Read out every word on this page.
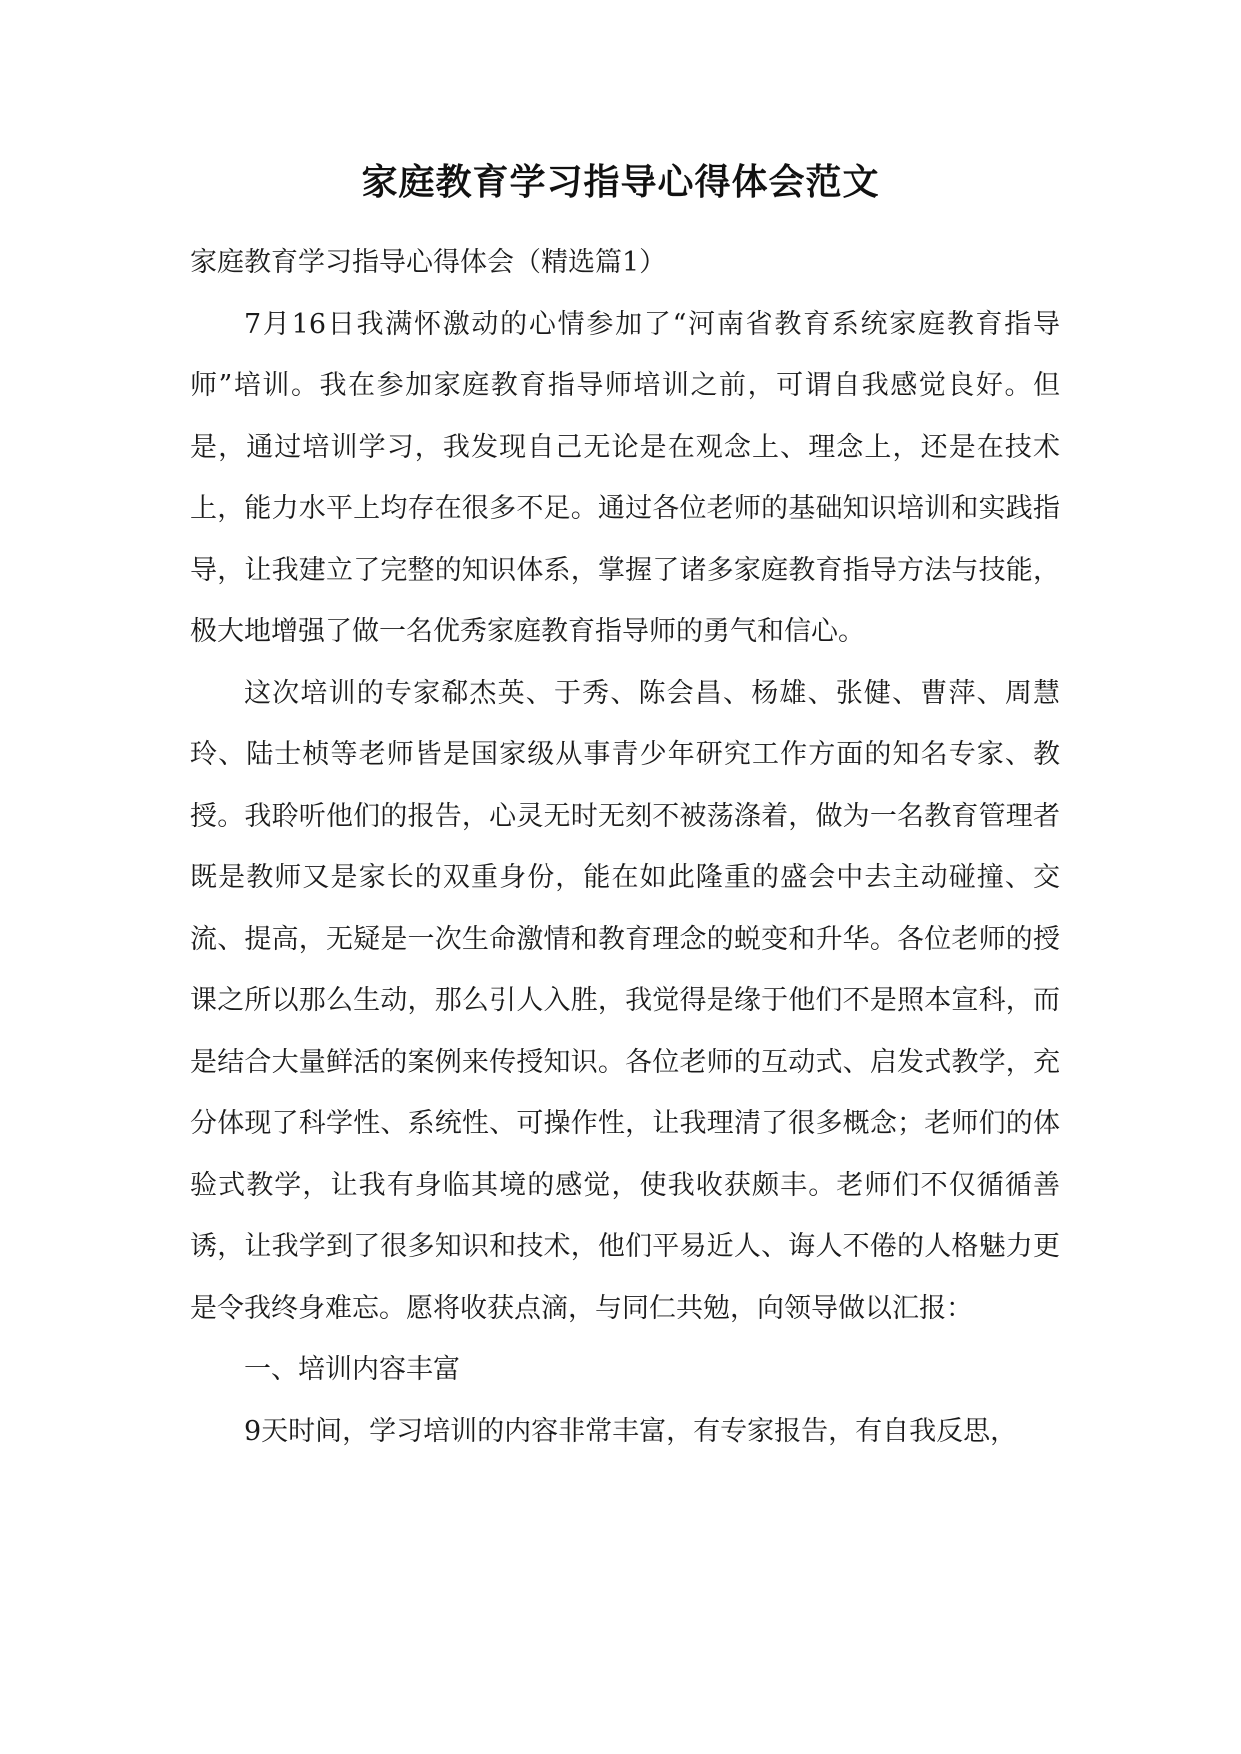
家庭教育学习指导心得体会范文

家庭教育学习指导心得体会（精选篇1）

7月16日我满怀激动的心情参加了“河南省教育系统家庭教育指导师”培训。我在参加家庭教育指导师培训之前，可谓自我感觉良好。但是，通过培训学习，我发现自己无论是在观念上、理念上，还是在技术上，能力水平上均存在很多不足。通过各位老师的基础知识培训和实践指导，让我建立了完整的知识体系，掌握了诸多家庭教育指导方法与技能，极大地增强了做一名优秀家庭教育指导师的勇气和信心。

这次培训的专家郗杰英、于秀、陈会昌、杨雄、张健、曹萍、周慧玲、陆士桢等老师皆是国家级从事青少年研究工作方面的知名专家、教授。我聆听他们的报告，心灵无时无刻不被荡涤着，做为一名教育管理者既是教师又是家长的双重身份，能在如此隆重的盛会中去主动碰撞、交流、提高，无疑是一次生命激情和教育理念的蜕变和升华。各位老师的授课之所以那么生动，那么引人入胜，我觉得是缘于他们不是照本宣科，而是结合大量鲜活的案例来传授知识。各位老师的互动式、启发式教学，充分体现了科学性、系统性、可操作性，让我理清了很多概念；老师们的体验式教学，让我有身临其境的感觉，使我收获颇丰。老师们不仅循循善诱，让我学到了很多知识和技术，他们平易近人、诲人不倦的人格魅力更是令我终身难忘。愿将收获点滴，与同仁共勉，向领导做以汇报：

一、培训内容丰富

9天时间，学习培训的内容非常丰富，有专家报告，有自我反思，
